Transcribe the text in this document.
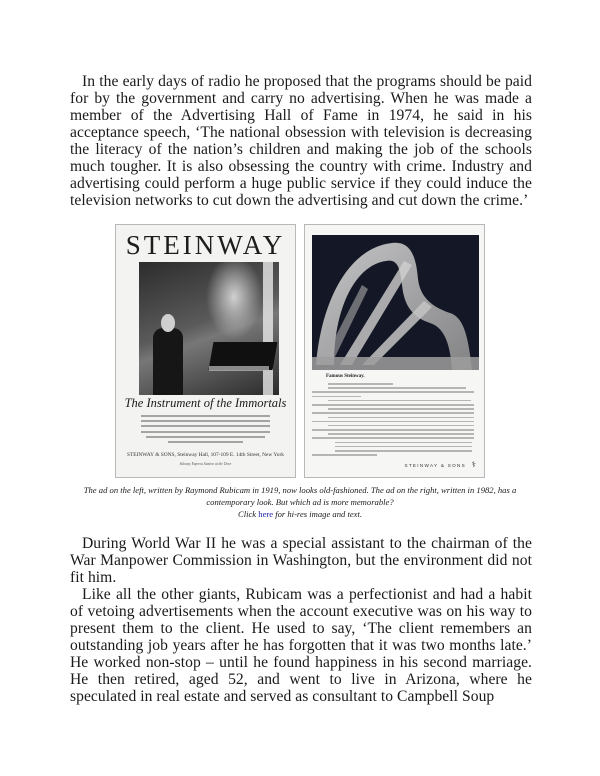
In the early days of radio he proposed that the programs should be paid for by the government and carry no advertising. When he was made a member of the Advertising Hall of Fame in 1974, he said in his acceptance speech, ‘The national obsession with television is decreasing the literacy of the nation’s children and making the job of the schools much tougher. It is also obsessing the country with crime. Industry and advertising could perform a huge public service if they could induce the television networks to cut down the advertising and cut down the crime.’

STEINWAY
The Instrument of the Immortals
STEINWAY & SONS, Steinway Hall, 107-109 E. 14th Street, New York
Subway Express Station at the Door
Famous Steinway.
STEINWAY & SONS ⚕
The ad on the left, written by Raymond Rubicam in 1919, now looks old-fashioned. The ad on the right, written in 1982, has a contemporary look. But which ad is more memorable?
Click here for hi-res image and text.

During World War II he was a special assistant to the chairman of the War Manpower Commission in Washington, but the environment did not fit him.

Like all the other giants, Rubicam was a perfectionist and had a habit of vetoing advertisements when the account executive was on his way to present them to the client. He used to say, ‘The client remembers an outstanding job years after he has forgotten that it was two months late.’ He worked non-stop – until he found happiness in his second marriage. He then retired, aged 52, and went to live in Arizona, where he speculated in real estate and served as consultant to Campbell Soup
